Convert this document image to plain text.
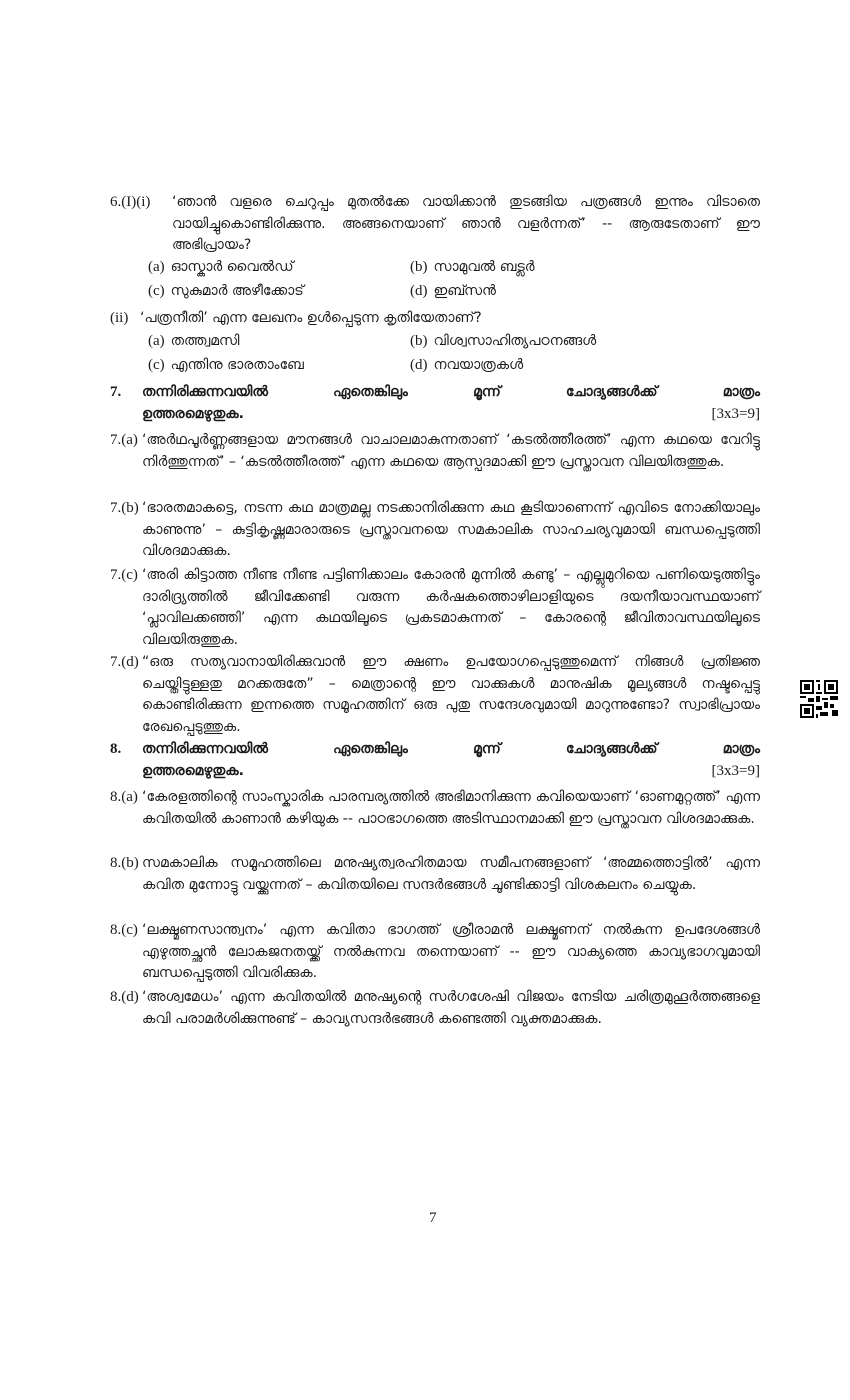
6.(I)(i) ‘ഞാൻ വളരെ ചെറുപ്പം മുതൽക്കേ വായിക്കാൻ തുടങ്ങിയ പത്രങ്ങൾ ഇന്നും വിടാതെ വായിച്ചുകൊണ്ടിരിക്കുന്നു. അങ്ങനെയാണ് ഞാൻ വളർന്നത്’ -- ആരുടേതാണ് ഈ അഭിപ്രായം?
(a) ഓസ്കാർ വൈൽഡ്	(b) സാമുവൽ ബട്ലർ
(c) സുകുമാർ അഴീക്കോട്	(d) ഇബ്സൻ
(ii) ‘പത്രനീതി’ എന്ന ലേഖനം ഉൾപ്പെടുന്ന കൃതിയേതാണ്?
(a) തത്ത്വമസി	(b) വിശ്വസാഹിത്യപഠനങ്ങൾ
(c) എന്തിനു ഭാരതാംബേ	(d) നവയാത്രകൾ
7. തന്നിരിക്കുന്നവയിൽ ഏതെങ്കിലും മൂന്ന് ചോദ്യങ്ങൾക്ക് മാത്രം
ഉത്തരമെഴുതുക.	[3x3=9]
7.(a) ‘അർഥപൂർണ്ണങ്ങളായ മൗനങ്ങൾ വാചാലമാകുന്നതാണ് ‘കടൽത്തീരത്ത്’ എന്ന കഥയെ വേറിട്ടു നിർത്തുന്നത്’ – ‘കടൽത്തീരത്ത്’ എന്ന കഥയെ ആസ്പദമാക്കി ഈ പ്രസ്താവന വിലയിരുത്തുക.
7.(b) ‘ഭാരതമാകട്ടെ, നടന്ന കഥ മാത്രമല്ല നടക്കാനിരിക്കുന്ന കഥ കൂടിയാണെന്ന് എവിടെ നോക്കിയാലും കാണുന്നു’ – കുട്ടികൃഷ്ണമാരാരുടെ പ്രസ്താവനയെ സമകാലിക സാഹചര്യവുമായി ബന്ധപ്പെടുത്തി വിശദമാക്കുക.
7.(c) ‘അരി കിട്ടാത്ത നീണ്ട നീണ്ട പട്ടിണിക്കാലം കോരൻ മുന്നിൽ കണ്ടു’ – എല്ലുമുറിയെ പണിയെടുത്തിട്ടും ദാരിദ്ര്യത്തിൽ ജീവിക്കേണ്ടി വരുന്ന കർഷകത്തൊഴിലാളിയുടെ ദയനീയാവസ്ഥയാണ് ‘പ്ലാവിലക്കഞ്ഞി’ എന്ന കഥയിലൂടെ പ്രകടമാകുന്നത് – കോരന്റെ ജീവിതാവസ്ഥയിലൂടെ വിലയിരുത്തുക.
7.(d) “ഒരു സത്യവാനായിരിക്കുവാൻ ഈ ക്ഷണം ഉപയോഗപ്പെടുത്തുമെന്ന് നിങ്ങൾ പ്രതിജ്ഞ ചെയ്തിട്ടുള്ളതു മറക്കരുതേ” – മെത്രാന്റെ ഈ വാക്കുകൾ മാനുഷിക മൂല്യങ്ങൾ നഷ്ടപ്പെട്ടു കൊണ്ടിരിക്കുന്ന ഇന്നത്തെ സമൂഹത്തിന് ഒരു പുതു സന്ദേശവുമായി മാറുന്നുണ്ടോ? സ്വാഭിപ്രായം രേഖപ്പെടുത്തുക.
8. തന്നിരിക്കുന്നവയിൽ ഏതെങ്കിലും മൂന്ന് ചോദ്യങ്ങൾക്ക് മാത്രം
ഉത്തരമെഴുതുക.	[3x3=9]
8.(a) ‘കേരളത്തിന്റെ സാംസ്കാരിക പാരമ്പര്യത്തിൽ അഭിമാനിക്കുന്ന കവിയെയാണ് ‘ഓണമുറ്റത്ത്’ എന്ന കവിതയിൽ കാണാൻ കഴിയുക -- പാഠഭാഗത്തെ അടിസ്ഥാനമാക്കി ഈ പ്രസ്താവന വിശദമാക്കുക.
8.(b) സമകാലിക സമൂഹത്തിലെ മനുഷ്യത്വരഹിതമായ സമീപനങ്ങളാണ് ‘അമ്മത്തൊട്ടിൽ’ എന്ന കവിത മുന്നോട്ടു വയ്ക്കുന്നത് – കവിതയിലെ സന്ദർഭങ്ങൾ ചൂണ്ടിക്കാട്ടി വിശകലനം ചെയ്യുക.
8.(c) ‘ലക്ഷ്മണസാന്ത്വനം’ എന്ന കവിതാ ഭാഗത്ത് ശ്രീരാമൻ ലക്ഷ്മണന് നൽകുന്ന ഉപദേശങ്ങൾ എഴുത്തച്ഛൻ ലോകജനതയ്ക്ക് നൽകുന്നവ തന്നെയാണ് -- ഈ വാക്യത്തെ കാവ്യഭാഗവുമായി ബന്ധപ്പെടുത്തി വിവരിക്കുക.
8.(d) ‘അശ്വമേധം’ എന്ന കവിതയിൽ മനുഷ്യന്റെ സർഗശേഷി വിജയം നേടിയ ചരിത്രമുഹൂർത്തങ്ങളെ കവി പരാമർശിക്കുന്നുണ്ട് – കാവ്യസന്ദർഭങ്ങൾ കണ്ടെത്തി വ്യക്തമാക്കുക.
7
